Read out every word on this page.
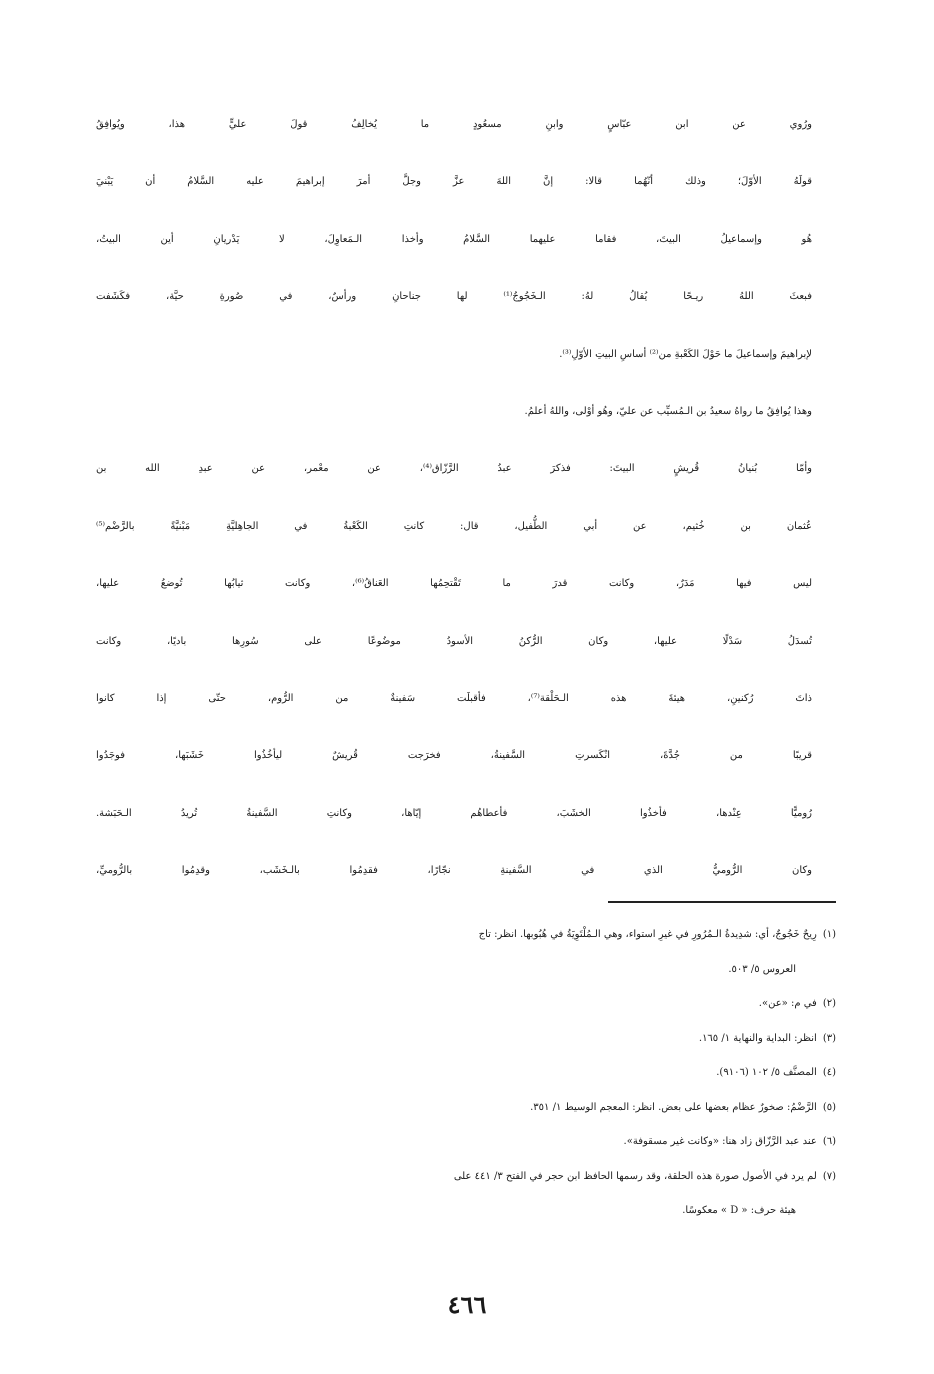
ورُوي عن ابن عبّاسٍ وابنِ مسعُودٍ ما يُخالِفُ قولَ عليٍّ هذا، ويُوافِقُ
قولَهُ الأوّلَ؛ وذلك أنّهُما قالا: إنَّ اللهَ عزَّ وجلَّ أمرَ إبراهيمَ عليه السَّلامُ أن يَبْنيَ
هُو وإسماعيلُ البيتَ، فقاما عليهما السَّلامُ وأخذا الـمَعاوِلَ، لا يَدْريانِ أين البيتُ،
فبعثَ اللهُ ريـحًا يُقالُ لهُ: الـخَجُوجُ⁽¹⁾ لها جناحانِ ورأسٌ، في صُورةِ حيَّة، فكَشَفت
لإبراهيمَ وإسماعيلَ ما حَوْلَ الكَعْبةِ من⁽²⁾ أساسِ البيتِ الأوّلِ⁽³⁾.

وهذا يُوافِقُ ما رواهُ سعيدُ بن الـمُسيِّب عن عليّ، وهُو أوْلى، واللهُ أعلمُ.

وأمّا بُنيانُ قُريشٍ البيتَ: فذكرَ عبدُ الرَّزّاق⁽⁴⁾، عن معْمر، عن عبدِ الله بن
عُثمان بن خُثيم، عن أبي الطُّفيل، قال: كانتِ الكَعْبةُ في الجاهِليَّةِ مَبْنيَّةً بالرَّضْم⁽⁵⁾
ليس فيها مَدَرٌ، وكانت قدرَ ما تَقْتحِمُها العَناقُ⁽⁶⁾، وكانت ثيابُها تُوضعُ عليها،
تُسدَلُ سَدْلًا عليها، وكان الرُّكنُ الأسودُ موضُوعًا على سُورِها باديًا، وكانت
ذاتَ رُكنينِ، هيئةَ هذه الـحَلْقة⁽⁷⁾، فأقبلَت سَفينةٌ من الرُّوم، حتّى إذا كانوا
قريبًا من جُدَّةَ، انْكَسرتِ السَّفينةُ، فخرَجت قُريشٌ ليأخُذُوا خَشَبَها، فوجَدُوا
رُوميًّا عِنْدها، فأخذُوا الخشَبَ، فأعطاهُم إيّاها، وكانتِ السَّفينةُ تُريدُ الـحَبَشة.
وكان الرُّوميُّ الذي في السَّفينةِ نجّارًا، فقدِمُوا بالـخَشَب، وقدِمُوا بالرُّوميِّ،

(١)رِيحٌ خَجُوجٌ، أي: شدِيدةُ الـمُرُورِ في غيرِ استواء، وهي الـمُلْتَوِيَةُ في هُبُوبها. انظر: تاج

العروس ٥/ ٥٠٣.

(٢)في م: «عن».

(٣)انظر: البداية والنهاية ١/ ١٦٥.

(٤)المصنَّف ٥/ ١٠٢ (٩١٠٦).

(٥)الرَّضْمُ: صخورٌ عظام بعضها على بعض. انظر: المعجم الوسيط ١/ ٣٥١.

(٦)عند عبد الرَّزّاق زاد هنا: «وكانت غير مسقوفة».

(٧)لم يرد في الأصول صورة هذه الحلقة، وقد رسمها الحافظ ابن حجر في الفتح ٣/ ٤٤١ على

هيئة حرف: « D » معكوسًا.

٤٦٦
